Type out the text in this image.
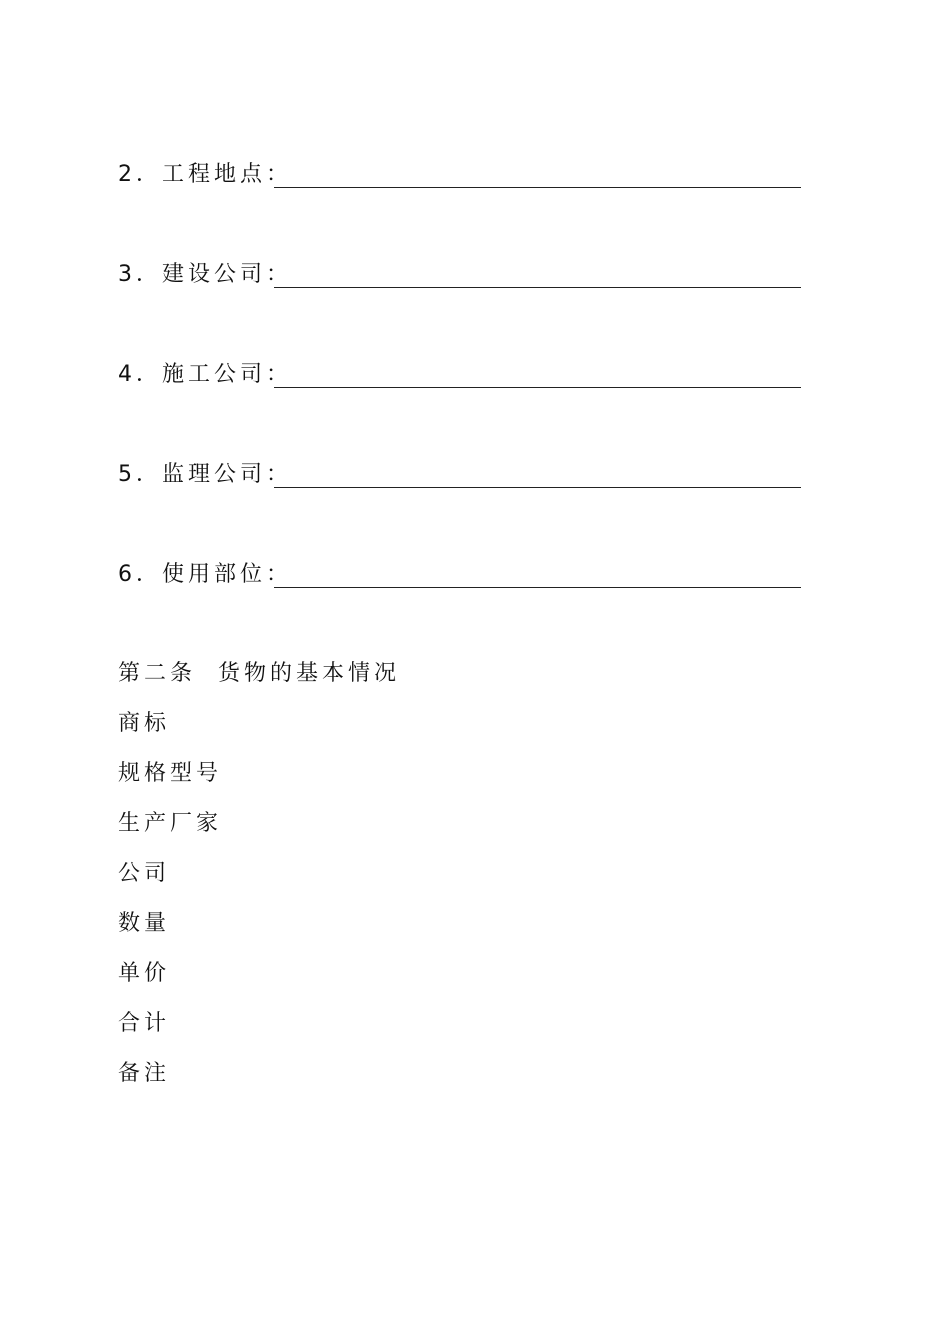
2．工程地点：
3．建设公司：
4．施工公司：
5．监理公司：
6．使用部位：
第二条 货物的基本情况
商标
规格型号
生产厂家
公司
数量
单价
合计
备注
